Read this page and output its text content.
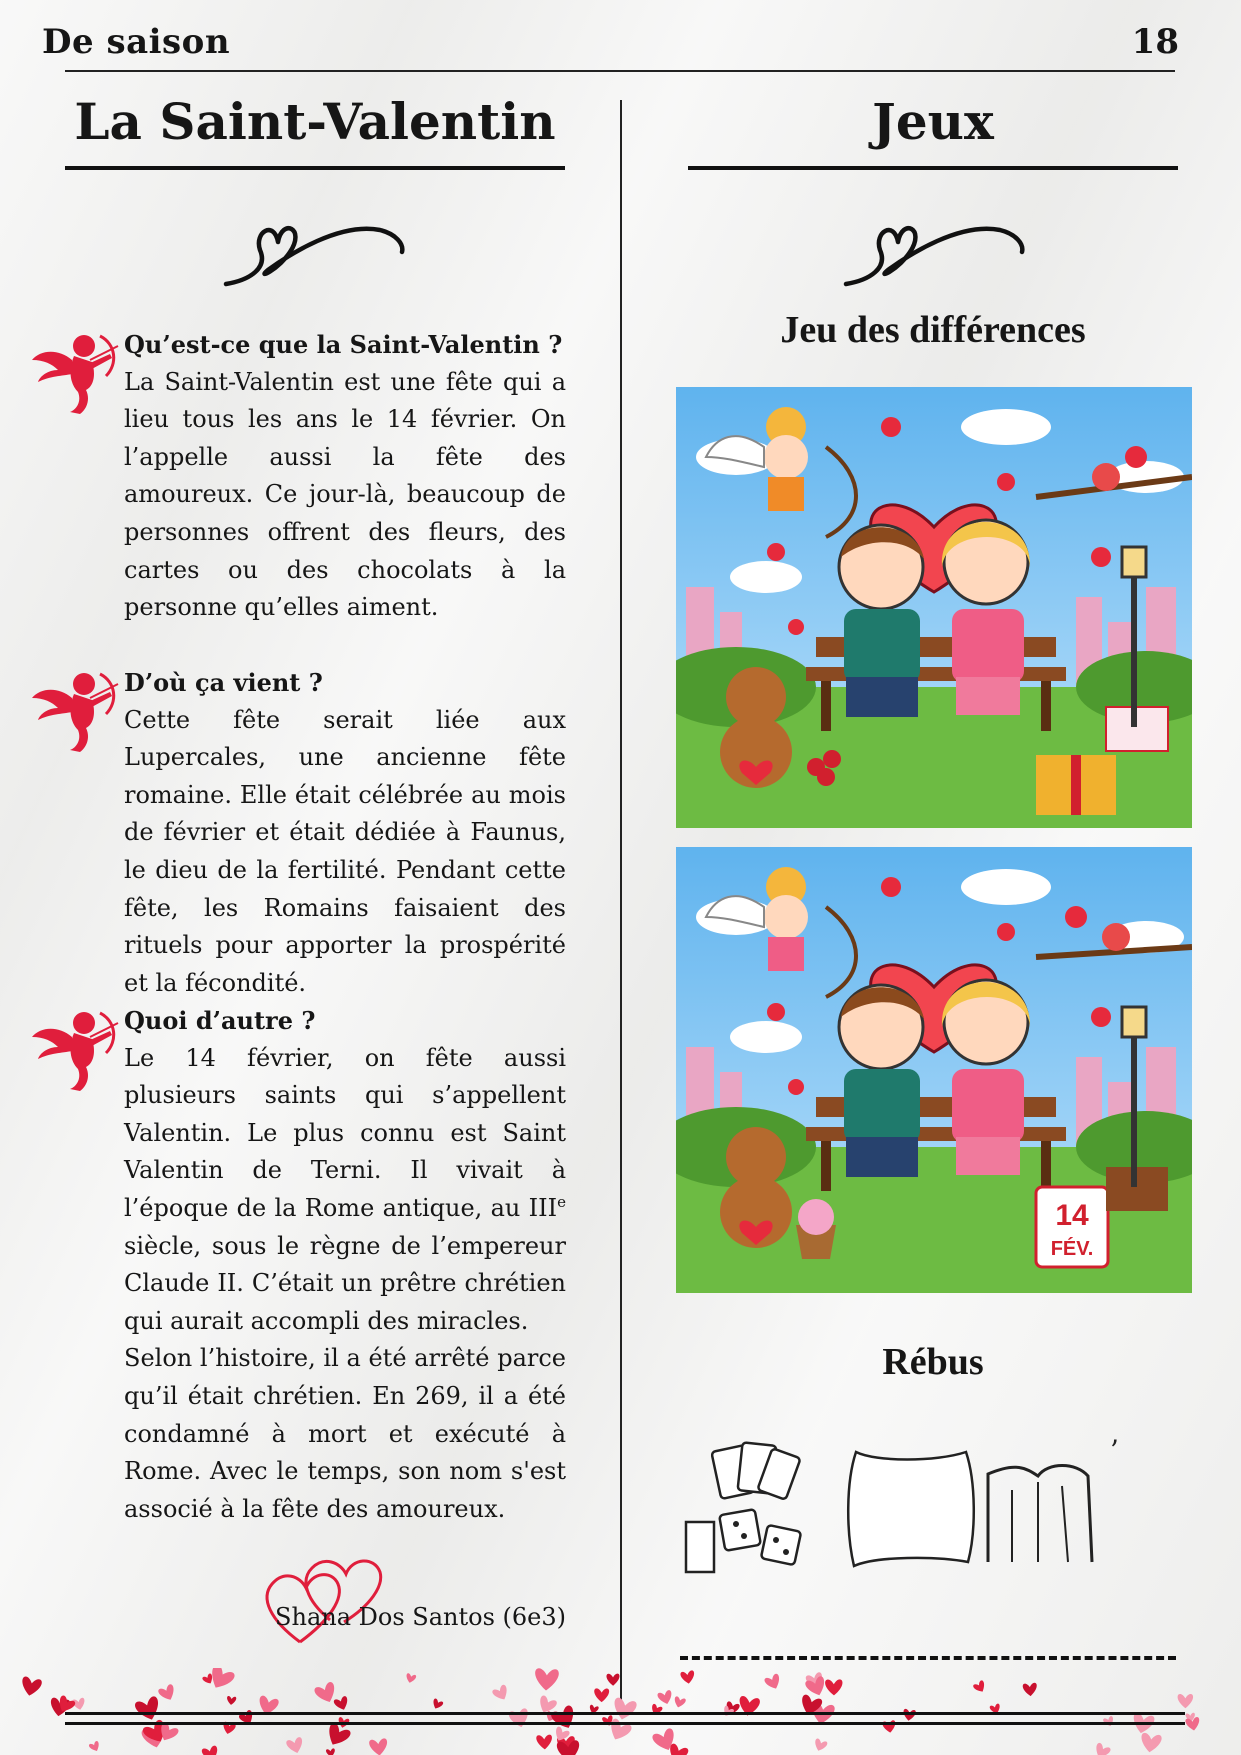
De saison	18
La Saint-Valentin
Qu’est-ce que la Saint-Valentin ?

La Saint-Valentin est une fête qui a lieu tous les ans le 14 février. On l’appelle aussi la fête des amoureux. Ce jour-là, beaucoup de personnes offrent des fleurs, des cartes ou des chocolats à la personne qu’elles aiment.

D’où ça vient ?

Cette fête serait liée aux Lupercales, une ancienne fête romaine. Elle était célébrée au mois de février et était dédiée à Faunus, le dieu de la fertilité. Pendant cette fête, les Romains faisaient des rituels pour apporter la prospérité et la fécondité.

Quoi d’autre ?

Le 14 février, on fête aussi plusieurs saints qui s’appellent Valentin. Le plus connu est Saint Valentin de Terni. Il vivait à l’époque de la Rome antique, au IIIe siècle, sous le règne de l’empereur Claude II. C’était un prêtre chrétien qui aurait accompli des miracles.

Selon l’histoire, il a été arrêté parce qu’il était chrétien. En 269, il a été condamné à mort et exécuté à Rome. Avec le temps, son nom s'est associé à la fête des amoureux.

Shana Dos Santos (6e3)
Jeux
Jeu des différences
14
FÉV.
Rébus
’
